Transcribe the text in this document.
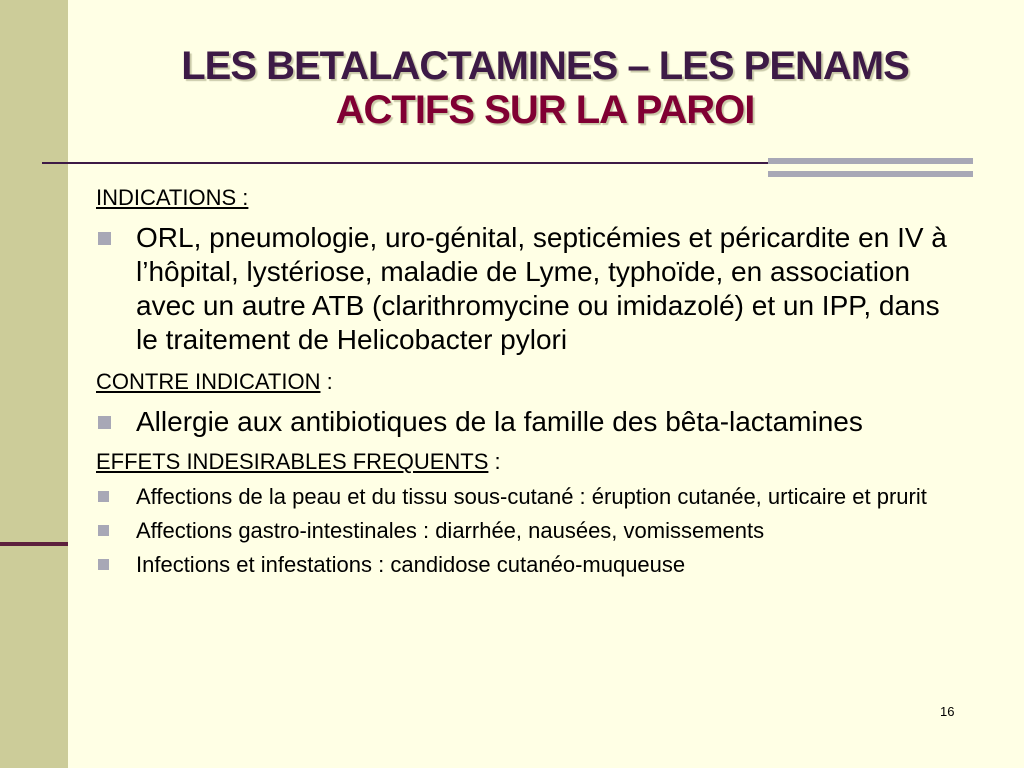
LES BETALACTAMINES – LES PENAMS
ACTIFS SUR LA PAROI

INDICATIONS :

ORL, pneumologie, uro-génital, septicémies et péricardite en IV à l’hôpital, lystériose, maladie de Lyme, typhoïde, en association avec un autre ATB (clarithromycine ou imidazolé) et un IPP, dans le traitement de Helicobacter pylori

CONTRE INDICATION :

Allergie aux antibiotiques de la famille des bêta-lactamines

EFFETS INDESIRABLES FREQUENTS :

Affections de la peau et du tissu sous-cutané : éruption cutanée, urticaire et prurit
Affections gastro-intestinales : diarrhée, nausées, vomissements
Infections et infestations : candidose cutanéo-muqueuse
16
